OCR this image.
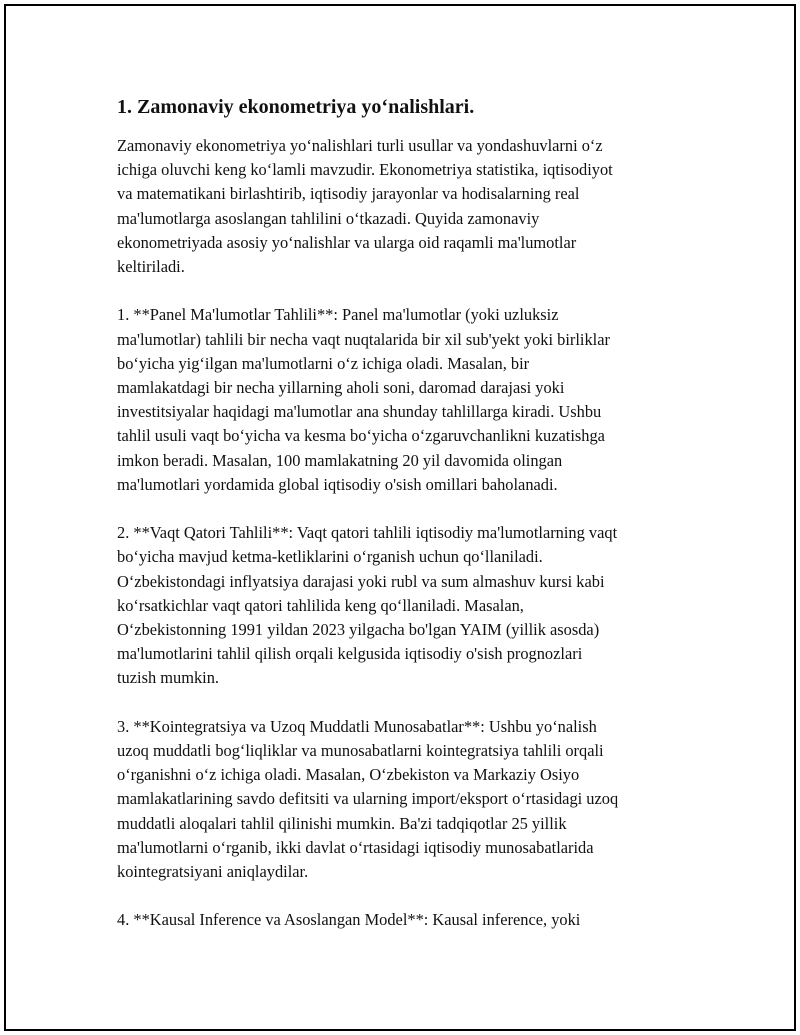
1. Zamonaviy ekonometriya yo‘nalishlari.

Zamonaviy ekonometriya yo‘nalishlari turli usullar va yondashuvlarni o‘z
ichiga oluvchi keng ko‘lamli mavzudir. Ekonometriya statistika, iqtisodiyot
va matematikani birlashtirib, iqtisodiy jarayonlar va hodisalarning real
ma'lumotlarga asoslangan tahlilini o‘tkazadi. Quyida zamonaviy
ekonometriyada asosiy yo‘nalishlar va ularga oid raqamli ma'lumotlar
keltiriladi.

1. **Panel Ma'lumotlar Tahlili**: Panel ma'lumotlar (yoki uzluksiz
ma'lumotlar) tahlili bir necha vaqt nuqtalarida bir xil sub'yekt yoki birliklar
bo‘yicha yig‘ilgan ma'lumotlarni o‘z ichiga oladi. Masalan, bir
mamlakatdagi bir necha yillarning aholi soni, daromad darajasi yoki
investitsiyalar haqidagi ma'lumotlar ana shunday tahlillarga kiradi. Ushbu
tahlil usuli vaqt bo‘yicha va kesma bo‘yicha o‘zgaruvchanlikni kuzatishga
imkon beradi. Masalan, 100 mamlakatning 20 yil davomida olingan
ma'lumotlari yordamida global iqtisodiy o'sish omillari baholanadi.

2. **Vaqt Qatori Tahlili**: Vaqt qatori tahlili iqtisodiy ma'lumotlarning vaqt
bo‘yicha mavjud ketma-ketliklarini o‘rganish uchun qo‘llaniladi.
O‘zbekistondagi inflyatsiya darajasi yoki rubl va sum almashuv kursi kabi
ko‘rsatkichlar vaqt qatori tahlilida keng qo‘llaniladi. Masalan,
O‘zbekistonning 1991 yildan 2023 yilgacha bo'lgan YAIM (yillik asosda)
ma'lumotlarini tahlil qilish orqali kelgusida iqtisodiy o'sish prognozlari
tuzish mumkin.

3. **Kointegratsiya va Uzoq Muddatli Munosabatlar**: Ushbu yo‘nalish
uzoq muddatli bog‘liqliklar va munosabatlarni kointegratsiya tahlili orqali
o‘rganishni o‘z ichiga oladi. Masalan, O‘zbekiston va Markaziy Osiyo
mamlakatlarining savdo defitsiti va ularning import/eksport o‘rtasidagi uzoq
muddatli aloqalari tahlil qilinishi mumkin. Ba'zi tadqiqotlar 25 yillik
ma'lumotlarni o‘rganib, ikki davlat o‘rtasidagi iqtisodiy munosabatlarida
kointegratsiyani aniqlaydilar.

4. **Kausal Inference va Asoslangan Model**: Kausal inference, yoki
